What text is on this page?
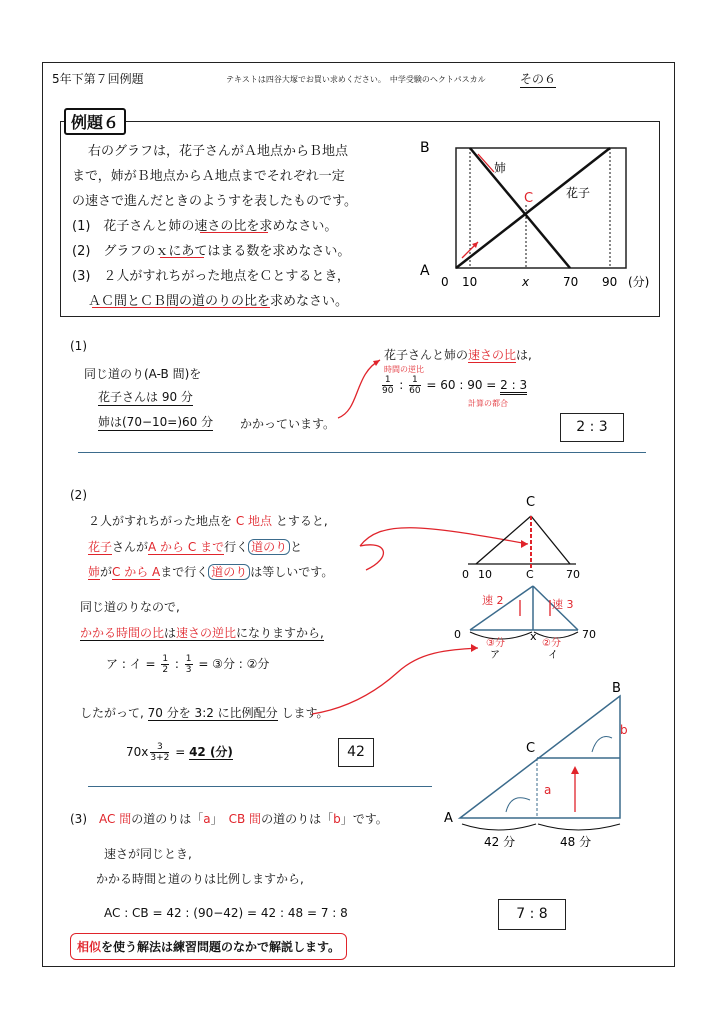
5年下第７回例題	テキストは四谷大塚でお買い求めください。　中学受験のヘクトパスカル	その６
例題６
右のグラフは，花子さんがＡ地点からＢ地点
まで，姉がＢ地点からＡ地点までそれぞれ一定
の速さで進んだときのようすを表したものです。
(1)　花子さんと姉の速さの比を求めなさい。
(2)　グラフのｘにあてはまる数を求めなさい。
(3)　２人がすれちがった地点をＣとするとき，
ＡＣ間とＣＢ間の道のりの比を求めなさい。
B
A
C
姉
花子
0 10	x	70 90 (分)
(1)
同じ道のり(A-B 間)を
花子さんは 90 分
姉は(70−10=)60 分 かかっています。
花子さんと姉の速さの比は,
時間の逆比
$\frac{1}{90}$ : $\frac{1}{60} = 60$ : 90 = 2 : 3
計算の都合
2 : 3
(2)
２人がすれちがった地点を C 地点 とすると,
花子さんがA から C まで行く 道のり と
姉がC から Aまで行く 道のり は等しいです。
同じ道のりなので,
かかる時間の比は速さの逆比になりますから,
ア : イ = $\frac{1}{2}$ : $\frac{1}{3}$ = ③分 : ②分
したがって, 70 分を 3:2 に比例配分 します。
$70x \frac{3}{3+2} = 42$ (分)	42
C
0 10	C	70
速 2	速 3
0	x	70
③分	②分
ア	イ
(3)　 AC 間の道のりは「a」　 CB 間の道のりは「b」です。
速さが同じとき,
かかる時間と道のりは比例しますから,
AC : CB = 42 : (90−42) = 42 : 48 = 7 : 8	7 : 8
相似を使う解法は練習問題のなかで解説します。
A
B
C
a
b
42 分	48 分
